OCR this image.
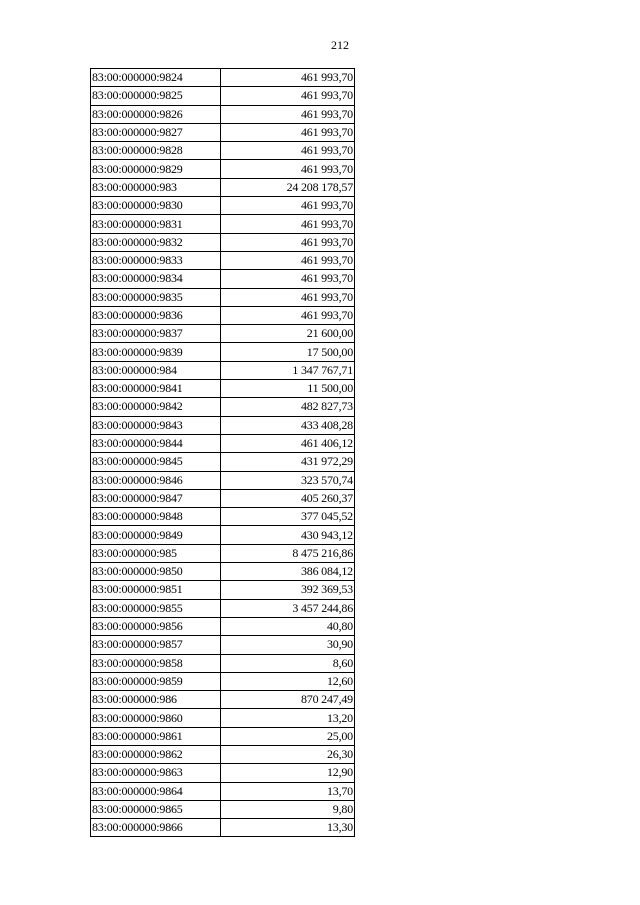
212
83:00:000000:9824	461 993,70
83:00:000000:9825	461 993,70
83:00:000000:9826	461 993,70
83:00:000000:9827	461 993,70
83:00:000000:9828	461 993,70
83:00:000000:9829	461 993,70
83:00:000000:983	24 208 178,57
83:00:000000:9830	461 993,70
83:00:000000:9831	461 993,70
83:00:000000:9832	461 993,70
83:00:000000:9833	461 993,70
83:00:000000:9834	461 993,70
83:00:000000:9835	461 993,70
83:00:000000:9836	461 993,70
83:00:000000:9837	21 600,00
83:00:000000:9839	17 500,00
83:00:000000:984	1 347 767,71
83:00:000000:9841	11 500,00
83:00:000000:9842	482 827,73
83:00:000000:9843	433 408,28
83:00:000000:9844	461 406,12
83:00:000000:9845	431 972,29
83:00:000000:9846	323 570,74
83:00:000000:9847	405 260,37
83:00:000000:9848	377 045,52
83:00:000000:9849	430 943,12
83:00:000000:985	8 475 216,86
83:00:000000:9850	386 084,12
83:00:000000:9851	392 369,53
83:00:000000:9855	3 457 244,86
83:00:000000:9856	40,80
83:00:000000:9857	30,90
83:00:000000:9858	8,60
83:00:000000:9859	12,60
83:00:000000:986	870 247,49
83:00:000000:9860	13,20
83:00:000000:9861	25,00
83:00:000000:9862	26,30
83:00:000000:9863	12,90
83:00:000000:9864	13,70
83:00:000000:9865	9,80
83:00:000000:9866	13,30
